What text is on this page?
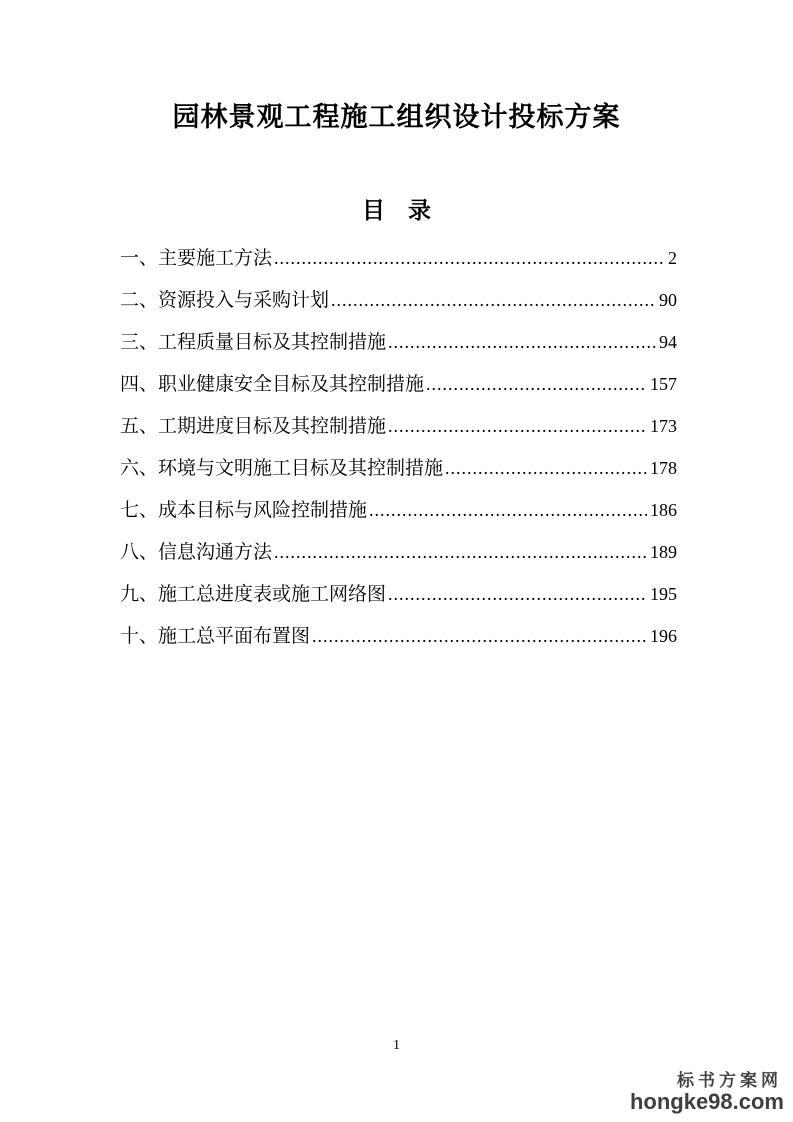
园林景观工程施工组织设计投标方案
目　录
一、主要施工方法 .....	2
二、资源投入与采购计划 .....	90
三、工程质量目标及其控制措施 .....	94
四、职业健康安全目标及其控制措施 .....	157
五、工期进度目标及其控制措施 .....	173
六、环境与文明施工目标及其控制措施 .....	178
七、成本目标与风险控制措施 .....	186
八、信息沟通方法 .....	189
九、施工总进度表或施工网络图 .....	195
十、施工总平面布置图 .....	196
1
标书方案网
hongke98.com
